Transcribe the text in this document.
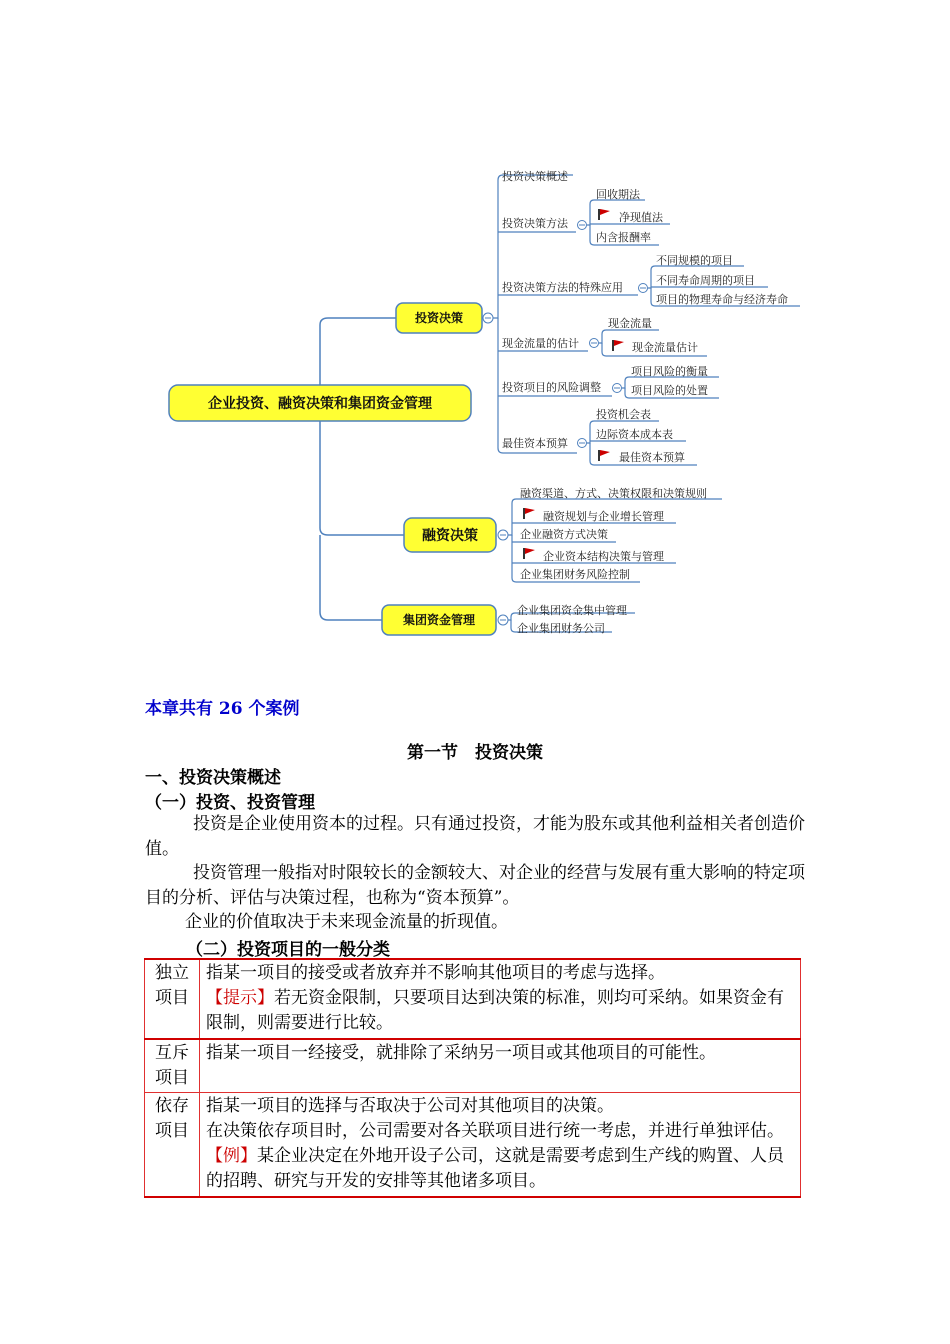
企业投资、融资决策和集团资金管理
投资决策
投资决策概述
投资决策方法
投资决策方法的特殊应用
现金流量的估计
投资项目的风险调整
最佳资本预算
回收期法
净现值法
内含报酬率
不同规模的项目
不同寿命周期的项目
项目的物理寿命与经济寿命
现金流量
现金流量估计
项目风险的衡量
项目风险的处置
投资机会表
边际资本成本表
最佳资本预算
融资决策
融资渠道、方式、决策权限和决策规则
融资规划与企业增长管理
企业融资方式决策
企业资本结构决策与管理
企业集团财务风险控制
集团资金管理
企业集团资金集中管理
企业集团财务公司
本章共有 26 个案例
第一节　投资决策
一、投资决策概述
（一）投资、投资管理
投资是企业使用资本的过程。只有通过投资，才能为股东或其他利益相关者创造价值。
投资管理一般指对时限较长的金额较大、对企业的经营与发展有重大影响的特定项目的分析、评估与决策过程，也称为“资本预算”。
企业的价值取决于未来现金流量的折现值。
（二）投资项目的一般分类
独立项目	指某一项目的接受或者放弃并不影响其他项目的考虑与选择。
【提示】若无资金限制，只要项目达到决策的标准，则均可采纳。如果资金有限制，则需要进行比较。

互斥项目	指某一项目一经接受，就排除了采纳另一项目或其他项目的可能性。

依存项目	指某一项目的选择与否取决于公司对其他项目的决策。
在决策依存项目时，公司需要对各关联项目进行统一考虑，并进行单独评估。
【例】某企业决定在外地开设子公司，这就是需要考虑到生产线的购置、人员的招聘、研究与开发的安排等其他诸多项目。
